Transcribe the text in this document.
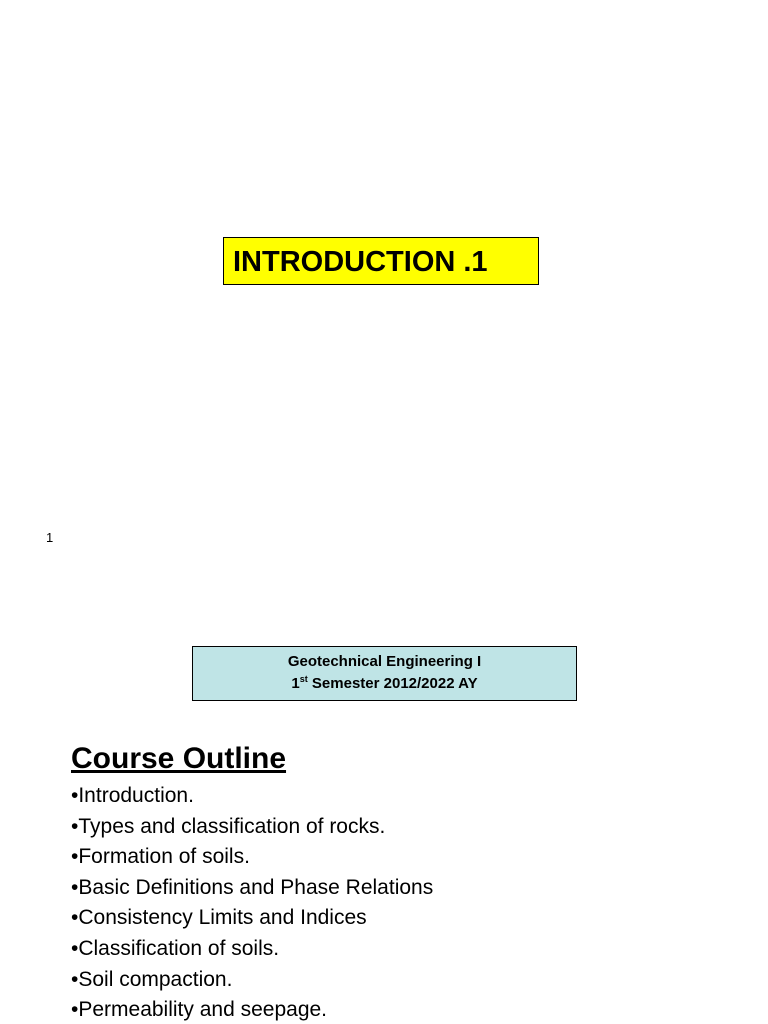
INTRODUCTION .1
1
Geotechnical Engineering I
1st Semester 2012/2022 AY
Course Outline
•Introduction.
•Types and classification of rocks.
•Formation of soils.
•Basic Definitions and Phase Relations
•Consistency Limits and Indices
•Classification of soils.
•Soil compaction.
•Permeability and seepage.
